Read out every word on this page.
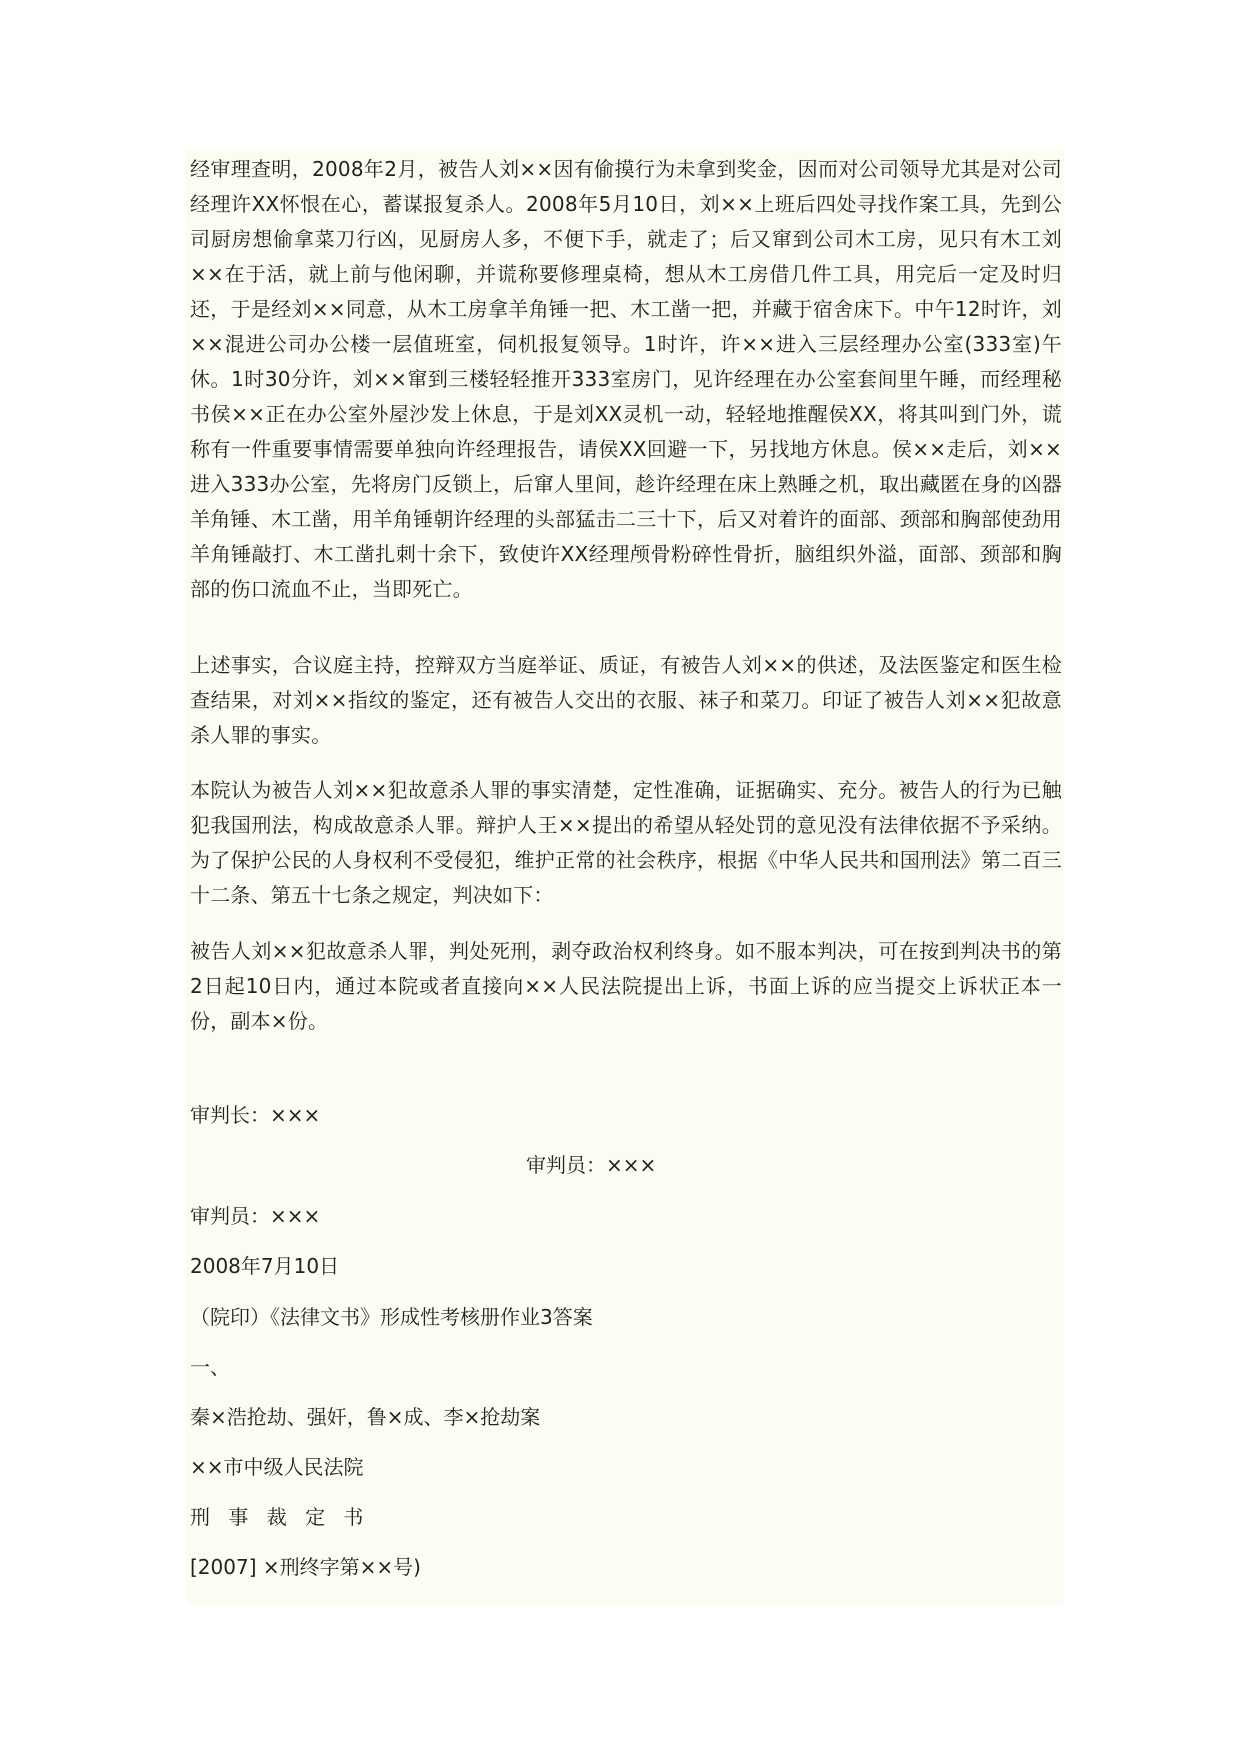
经审理查明，2008年2月，被告人刘××因有偷摸行为未拿到奖金，因而对公司领导尤其是对公司经理许XX怀恨在心，蓄谋报复杀人。2008年5月10日，刘××上班后四处寻找作案工具，先到公司厨房想偷拿菜刀行凶，见厨房人多，不便下手，就走了；后又窜到公司木工房，见只有木工刘××在于活，就上前与他闲聊，并谎称要修理桌椅，想从木工房借几件工具，用完后一定及时归还，于是经刘××同意，从木工房拿羊角锤一把、木工凿一把，并藏于宿舍床下。中午12时许，刘××混进公司办公楼一层值班室，伺机报复领导。1时许，许××进入三层经理办公室(333室)午休。1时30分许，刘××窜到三楼轻轻推开333室房门，见许经理在办公室套间里午睡，而经理秘书侯××正在办公室外屋沙发上休息，于是刘XX灵机一动，轻轻地推醒侯XX，将其叫到门外，谎称有一件重要事情需要单独向许经理报告，请侯XX回避一下，另找地方休息。侯××走后，刘××进入333办公室，先将房门反锁上，后窜人里间，趁许经理在床上熟睡之机，取出藏匿在身的凶器羊角锤、木工凿，用羊角锤朝许经理的头部猛击二三十下，后又对着许的面部、颈部和胸部使劲用羊角锤敲打、木工凿扎刺十余下，致使许XX经理颅骨粉碎性骨折，脑组织外溢，面部、颈部和胸部的伤口流血不止，当即死亡。

上述事实，合议庭主持，控辩双方当庭举证、质证，有被告人刘××的供述，及法医鉴定和医生检查结果，对刘××指纹的鉴定，还有被告人交出的衣服、袜子和菜刀。印证了被告人刘××犯故意杀人罪的事实。

本院认为被告人刘××犯故意杀人罪的事实清楚，定性准确，证据确实、充分。被告人的行为已触犯我国刑法，构成故意杀人罪。辩护人王××提出的希望从轻处罚的意见没有法律依据不予采纳。为了保护公民的人身权利不受侵犯，维护正常的社会秩序，根据《中华人民共和国刑法》第二百三十二条、第五十七条之规定，判决如下：

被告人刘××犯故意杀人罪，判处死刑，剥夺政治权利终身。如不服本判决，可在按到判决书的第2日起10日内，通过本院或者直接向××人民法院提出上诉，书面上诉的应当提交上诉状正本一份，副本×份。

审判长：×××
审判员：×××
审判员：×××
2008年7月10日
（院印）《法律文书》形成性考核册作业3答案
一、
秦×浩抢劫、强奸，鲁×成、李×抢劫案
××市中级人民法院
刑 事 裁 定 书
[2007] ×刑终字第××号)
